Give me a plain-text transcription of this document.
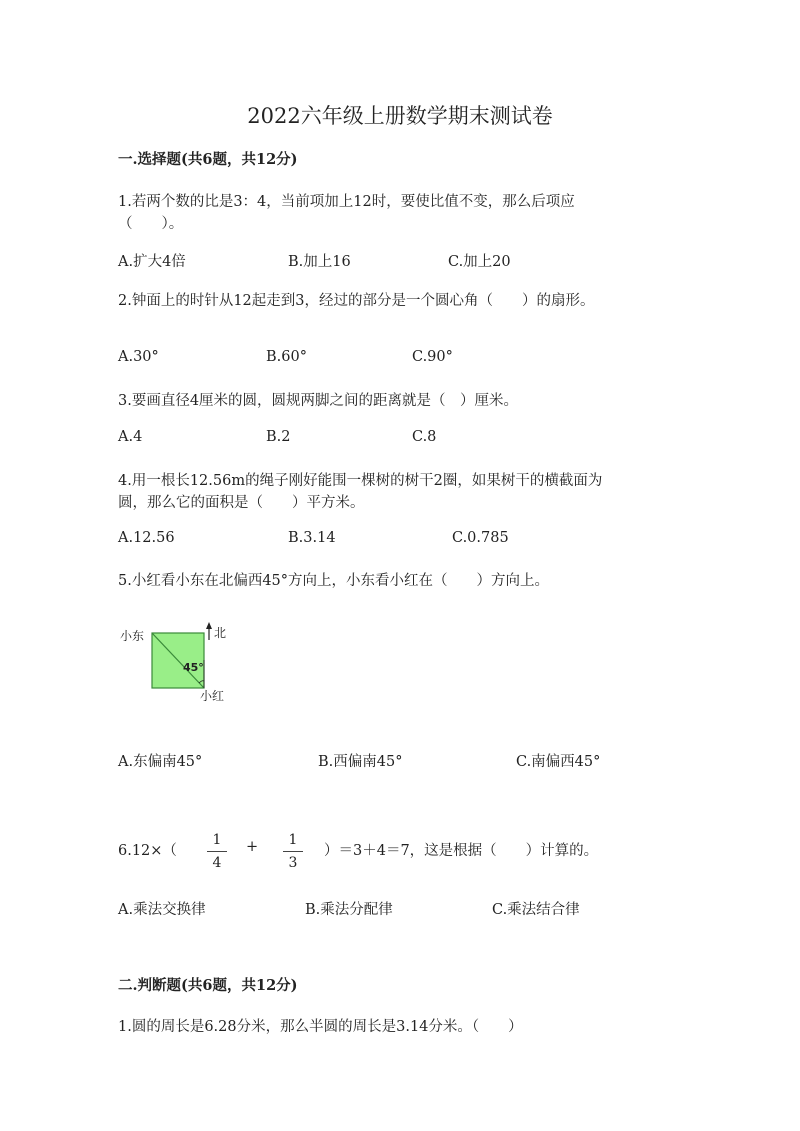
2022六年级上册数学期末测试卷
一.选择题(共6题，共12分)
1.若两个数的比是3：4，当前项加上12时，要使比值不变，那么后项应
（　　）。
A.扩大4倍	B.加上16	C.加上20
2.钟面上的时针从12起走到3，经过的部分是一个圆心角（　　）的扇形。
A.30°	B.60°	C.90°
3.要画直径4厘米的圆，圆规两脚之间的距离就是（　）厘米。
A.4	B.2	C.8
4.用一根长12.56m的绳子刚好能围一棵树的树干2圈，如果树干的横截面为
圆，那么它的面积是（　　）平方米。
A.12.56	B.3.14	C.0.785
5.小红看小东在北偏西45°方向上，小东看小红在（　　）方向上。
小东	北
45°
小红
A.东偏南45°	B.西偏南45°	C.南偏西45°
6.12×（
1
4
+	1
3
）＝3＋4＝7，这是根据（　　）计算的。
A.乘法交换律	B.乘法分配律	C.乘法结合律
二.判断题(共6题，共12分)
1.圆的周长是6.28分米，那么半圆的周长是3.14分米。（　　）
